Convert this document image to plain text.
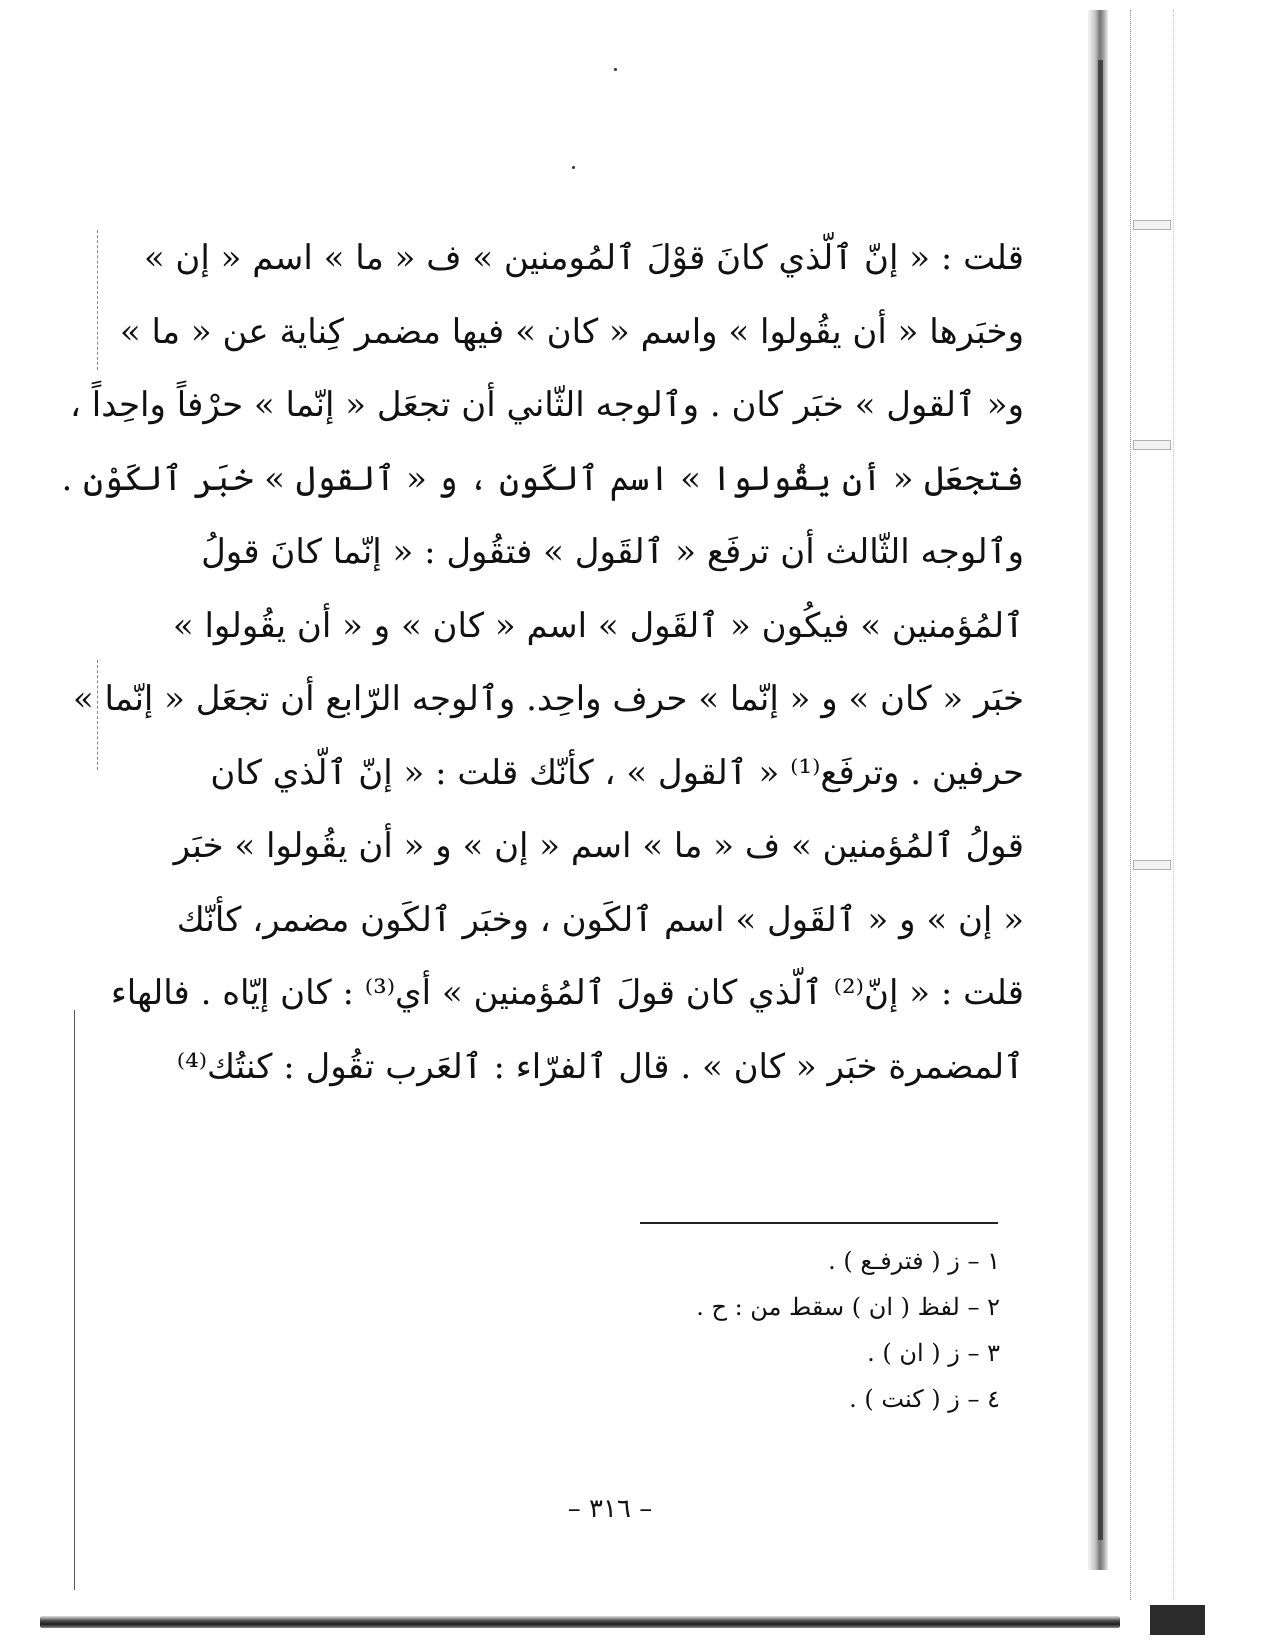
قلت : « إنّ ٱلّذي كانَ قوْلَ ٱلمُومنين » ف « ما » اسم « إن »
وخبَرها « أن يقُولوا » واسم « كان » فيها مضمر كِناية عن « ما »
و« ٱلقول » خبَر كان . وٱلوجه الثّاني أن تجعَل « إنّما » حرْفاً واحِداً ،
فتجعَل « أن يقُولوا » اسم ٱلكَون ، و « ٱلقول » خبَر ٱلكَوْن .
وٱلوجه الثّالث أن ترفَع « ٱلقَول » فتقُول : « إنّما كانَ قولُ
ٱلمُؤمنين » فيكُون « ٱلقَول » اسم « كان » و « أن يقُولوا »
خبَر « كان » و « إنّما » حرف واحِد. وٱلوجه الرّابع أن تجعَل « إنّما »
حرفين . وترفَع⁽¹⁾ « ٱلقول » ، كأنّك قلت : « إنّ ٱلّذي كان
قولُ ٱلمُؤمنين » ف « ما » اسم « إن » و « أن يقُولوا » خبَر
« إن » و « ٱلقَول » اسم ٱلكَون ، وخبَر ٱلكَون مضمر، كأنّك
قلت : « إنّ⁽²⁾ ٱلّذي كان قولَ ٱلمُؤمنين » أي⁽³⁾ : كان إيّاه . فالهاء
ٱلمضمرة خبَر « كان » . قال ٱلفرّاء : ٱلعَرب تقُول : كنتُك⁽⁴⁾
١ – ز ( فترفـع ) .
٢ – لفظ ( ان ) سقط من : ح .
٣ – ز ( ان ) .
٤ – ز ( كنت ) .
– ٣١٦ –
